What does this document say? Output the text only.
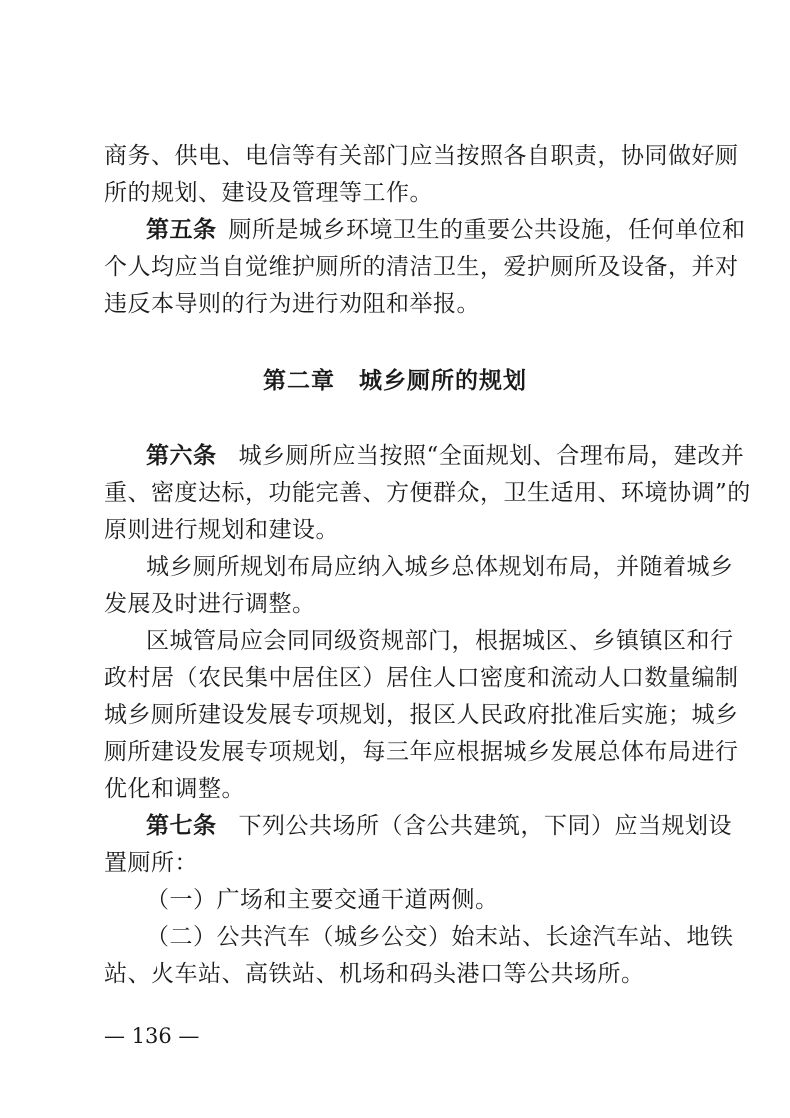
商务、供电、电信等有关部门应当按照各自职责，协同做好厕
所的规划、建设及管理等工作。
第五条 厕所是城乡环境卫生的重要公共设施，任何单位和
个人均应当自觉维护厕所的清洁卫生，爱护厕所及设备，并对
违反本导则的行为进行劝阻和举报。
第二章 城乡厕所的规划
第六条 城乡厕所应当按照“全面规划、合理布局，建改并
重、密度达标，功能完善、方便群众，卫生适用、环境协调”的
原则进行规划和建设。
城乡厕所规划布局应纳入城乡总体规划布局，并随着城乡
发展及时进行调整。
区城管局应会同同级资规部门，根据城区、乡镇镇区和行
政村居（农民集中居住区）居住人口密度和流动人口数量编制
城乡厕所建设发展专项规划，报区人民政府批准后实施；城乡
厕所建设发展专项规划，每三年应根据城乡发展总体布局进行
优化和调整。
第七条 下列公共场所（含公共建筑，下同）应当规划设
置厕所：
（一）广场和主要交通干道两侧。
（二）公共汽车（城乡公交）始末站、长途汽车站、地铁
站、火车站、高铁站、机场和码头港口等公共场所。
— 136 —
